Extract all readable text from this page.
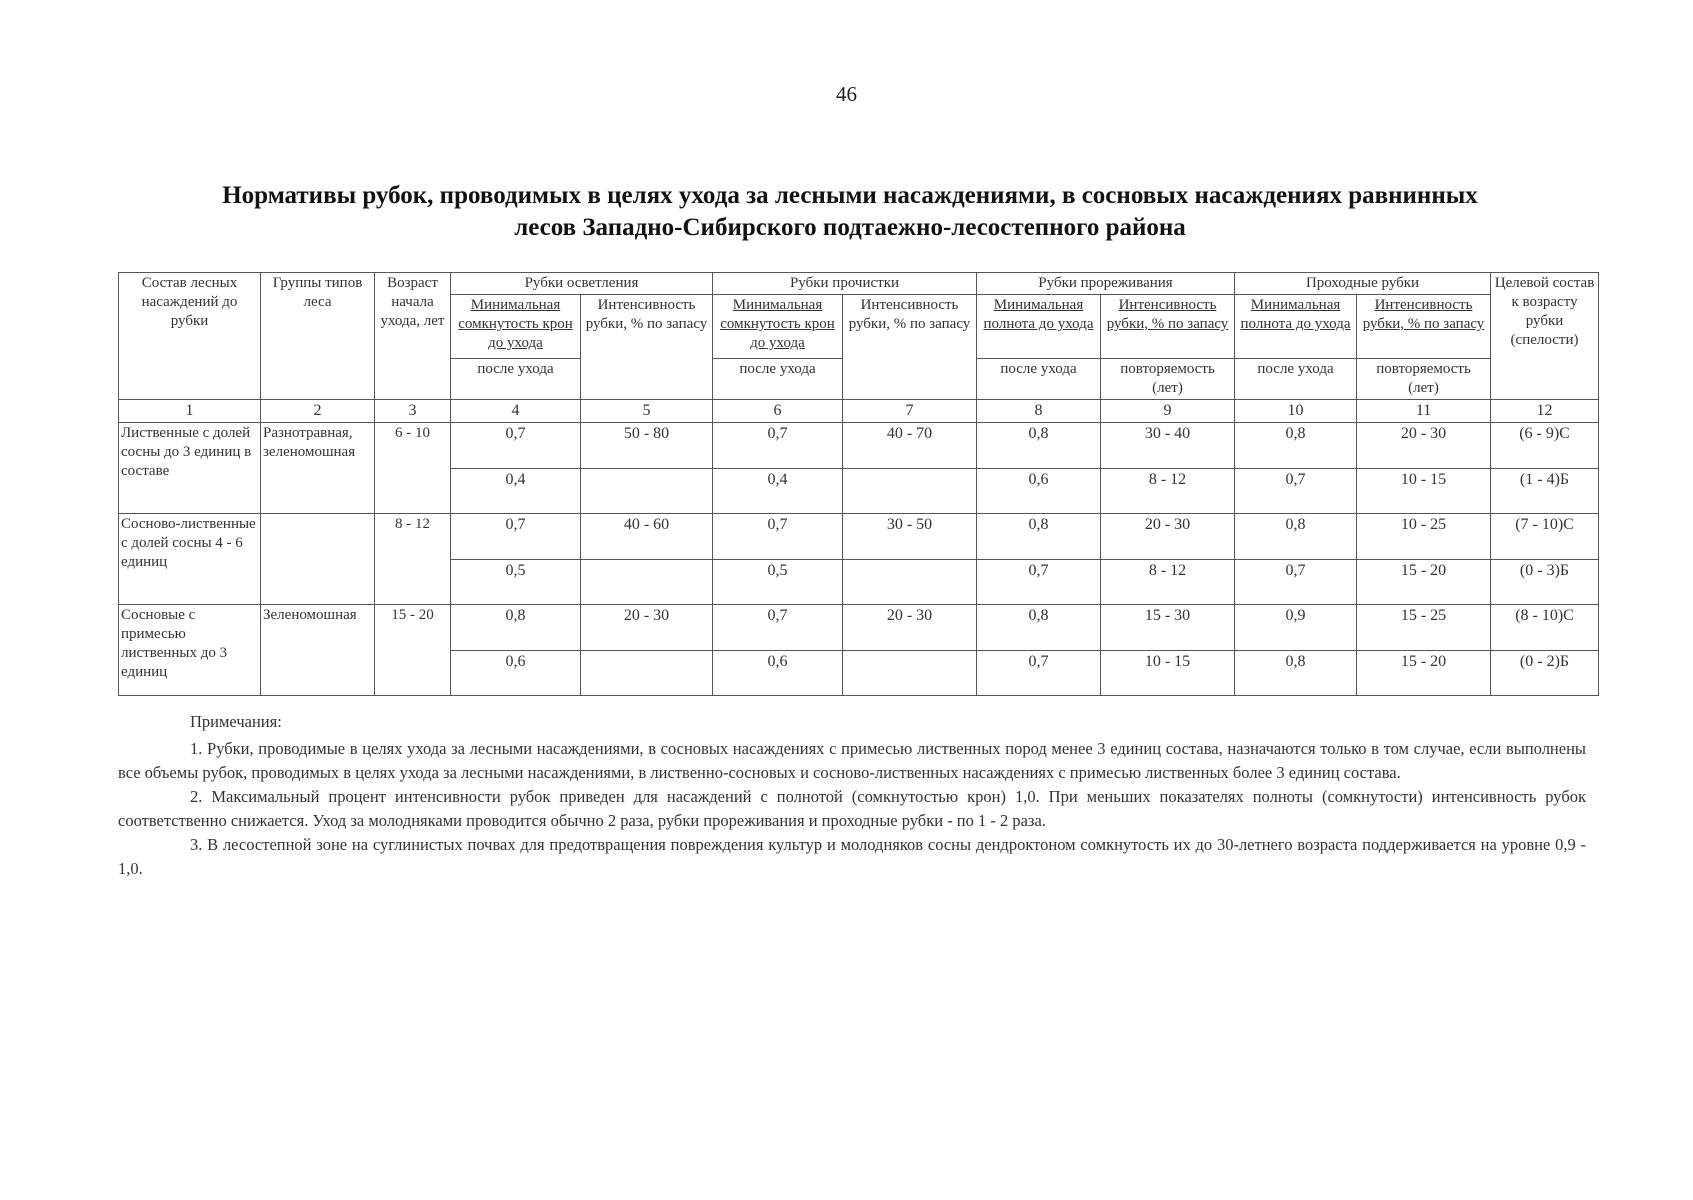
46
Нормативы рубок, проводимых в целях ухода за лесными насаждениями, в сосновых насаждениях равнинных
лесов Западно-Сибирского подтаежно-лесостепного района
Состав лесных насаждений до рубки	Группы типов леса	Возраст начала ухода, лет	Рубки осветления		Рубки прочистки		Рубки прореживания		Проходные рубки		Целевой состав к возрасту рубки (спелости)
			Минимальная сомкнутость крон до ухода	Интенсивность рубки, % по запасу	Минимальная сомкнутость крон до ухода	Интенсивность рубки, % по запасу	Минимальная полнота до ухода	Интенсивность рубки, % по запасу	Минимальная полнота до ухода	Интенсивность рубки, % по запасу	
			после ухода		после ухода		после ухода	повторяемость (лет)	после ухода	повторяемость (лет)	
1	2	3	4	5	6	7	8	9	10	11	12
Лиственные с долей сосны до 3 единиц в составе	Разнотравная, зеленомошная	6 - 10	0,7	50 - 80	0,7	40 - 70	0,8	30 - 40	0,8	20 - 30	(6 - 9)С
			0,4		0,4		0,6	8 - 12	0,7	10 - 15	(1 - 4)Б
Сосново-лиственные с долей сосны 4 - 6 единиц		8 - 12	0,7	40 - 60	0,7	30 - 50	0,8	20 - 30	0,8	10 - 25	(7 - 10)С
			0,5		0,5		0,7	8 - 12	0,7	15 - 20	(0 - 3)Б
Сосновые с примесью лиственных до 3 единиц	Зеленомошная	15 - 20	0,8	20 - 30	0,7	20 - 30	0,8	15 - 30	0,9	15 - 25	(8 - 10)С
			0,6		0,6		0,7	10 - 15	0,8	15 - 20	(0 - 2)Б

Примечания:

1. Рубки, проводимые в целях ухода за лесными насаждениями, в сосновых насаждениях с примесью лиственных пород менее 3 единиц состава, назначаются только в том случае, если выполнены все объемы рубок, проводимых в целях ухода за лесными насаждениями, в лиственно-сосновых и сосново-лиственных насаждениях с примесью лиственных более 3 единиц состава.

2. Максимальный процент интенсивности рубок приведен для насаждений с полнотой (сомкнутостью крон) 1,0. При меньших показателях полноты (сомкнутости) интенсивность рубок соответственно снижается. Уход за молодняками проводится обычно 2 раза, рубки прореживания и проходные рубки - по 1 - 2 раза.

3. В лесостепной зоне на суглинистых почвах для предотвращения повреждения культур и молодняков сосны дендроктоном сомкнутость их до 30-летнего возраста поддерживается на уровне 0,9 - 1,0.
